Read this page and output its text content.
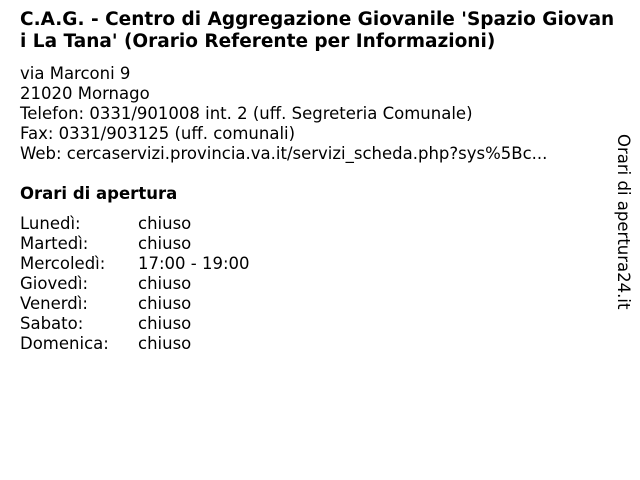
C.A.G. - Centro di Aggregazione Giovanile 'Spazio Giovani La Tana' (Orario Referente per Informazioni)
via Marconi 9
21020 Mornago
Telefon: 0331/901008 int. 2 (uff. Segreteria Comunale)
Fax: 0331/903125 (uff. comunali)
Web: cercaservizi.provincia.va.it/servizi_scheda.php?sys%5Bc...
Orari di apertura
Lunedì:	chiuso
Martedì:	chiuso
Mercoledì: 17:00 - 19:00
Giovedì:	chiuso
Venerdì:	chiuso
Sabato:	chiuso
Domenica: chiuso
Orari di apertura24.it
